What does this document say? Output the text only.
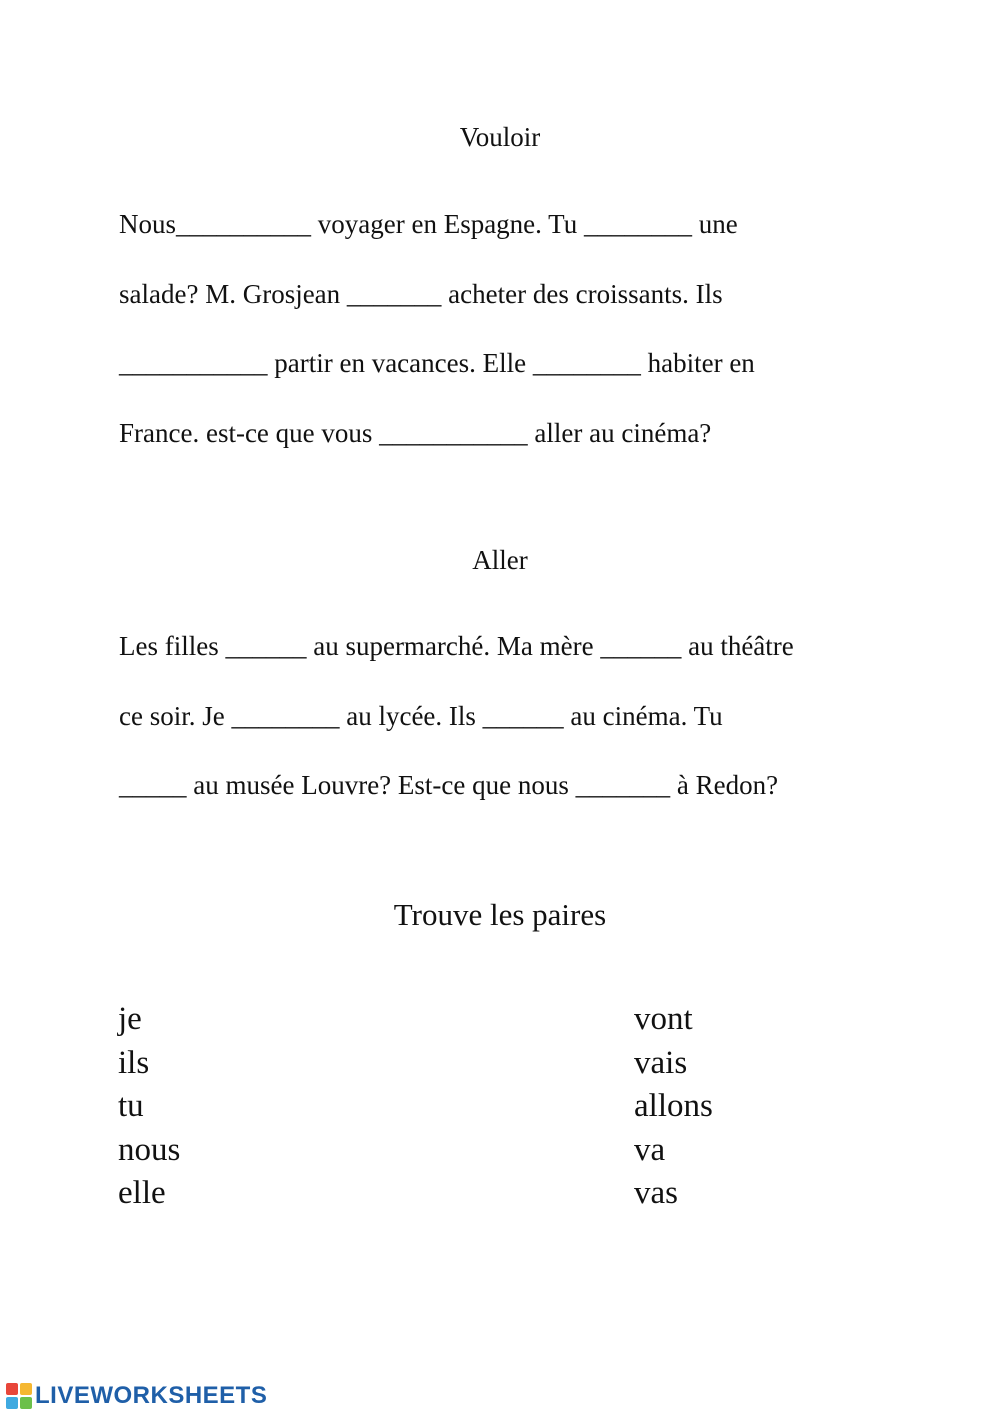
Vouloir

Nous__________ voyager en Espagne. Tu ________ une

salade? M. Grosjean _______ acheter des croissants. Ils

___________ partir en vacances. Elle ________ habiter en

France. est-ce que vous ___________ aller au cinéma?

Aller

Les filles ______ au supermarché. Ma mère ______ au théâtre

ce soir. Je ________ au lycée. Ils ______ au cinéma. Tu

_____ au musée Louvre? Est-ce que nous _______ à Redon?

Trouve les paires
je
ils
tu
nous
elle
vont
vais
allons
va
vas
LIVEWORKSHEETS
